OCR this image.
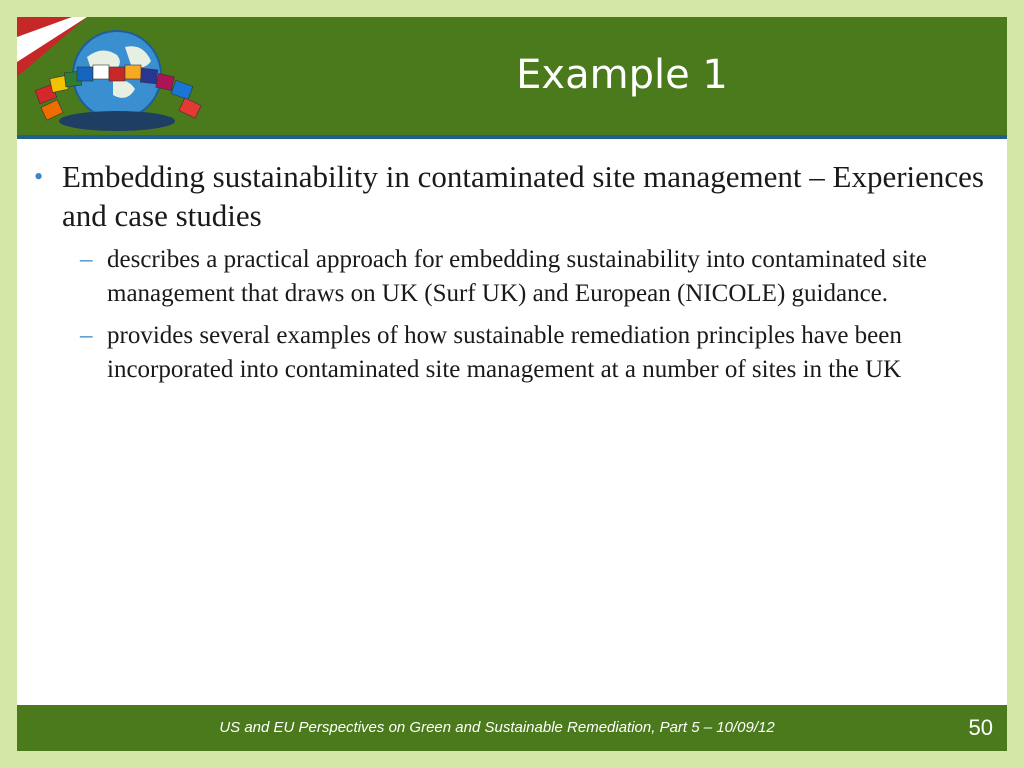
Example 1
• Embedding sustainability in contaminated site management – Experiences and case studies
– describes a practical approach for embedding sustainability into contaminated site management that draws on UK (Surf UK) and European (NICOLE) guidance.
– provides several examples of how sustainable remediation principles have been incorporated into contaminated site management at a number of sites in the UK
US and EU Perspectives on Green and Sustainable Remediation, Part 5 – 10/09/12	50
